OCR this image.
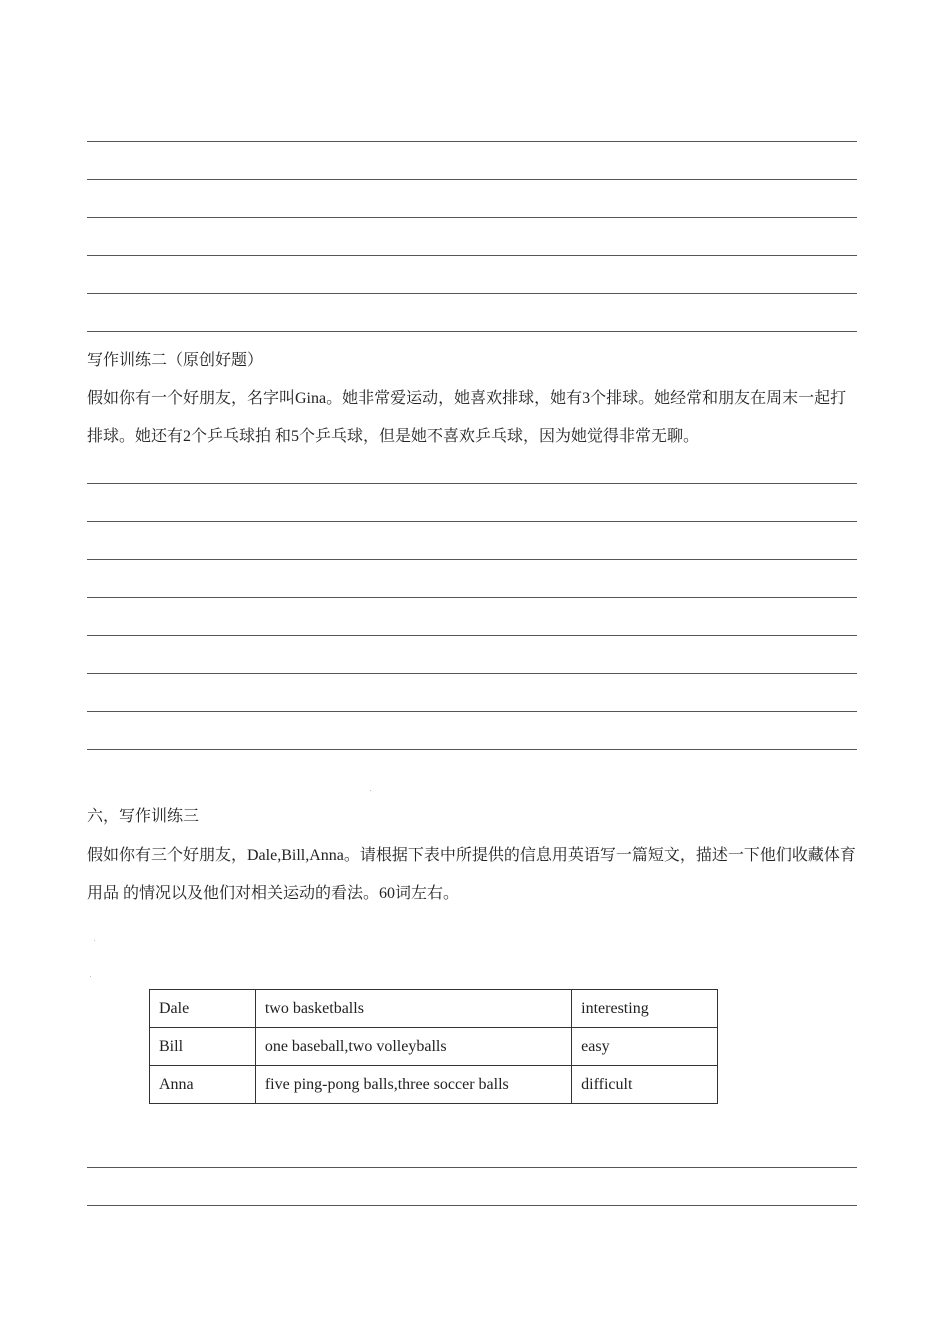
写作训练二（原创好题）
假如你有一个好朋友，名字叫Gina。她非常爱运动，她喜欢排球，她有3个排球。她经常和朋友在周末一起打排球。她还有2个乒乓球拍 和5个乒乓球，但是她不喜欢乒乓球，因为她觉得非常无聊。
六，写作训练三
假如你有三个好朋友，Dale,Bill,Anna。请根据下表中所提供的信息用英语写一篇短文，描述一下他们收藏体育用品 的情况以及他们对相关运动的看法。60词左右。
Dale	two basketballs	interesting
Bill	one baseball,two volleyballs	easy
Anna	five ping-pong balls,three soccer balls	difficult
